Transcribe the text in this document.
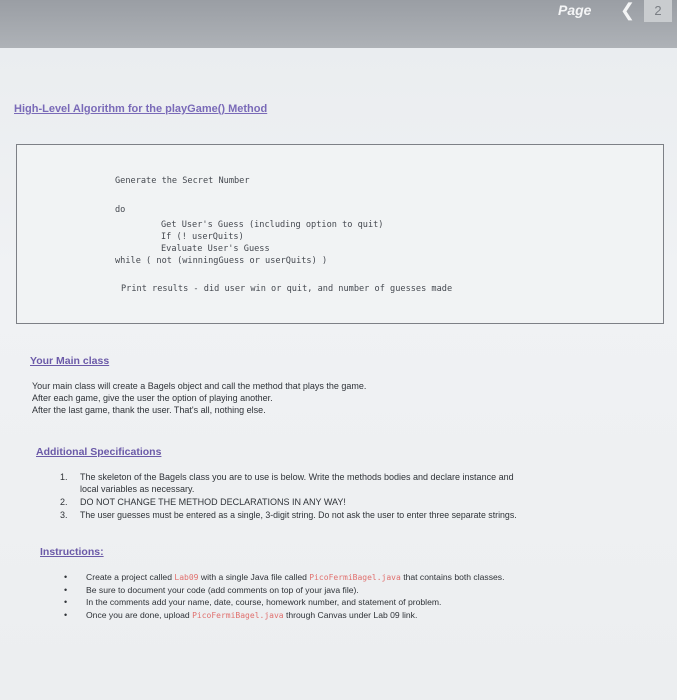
Page ❮	2
High-Level Algorithm for the playGame() Method
Generate the Secret Number
do
Get User's Guess (including option to quit)
If (! userQuits)
Evaluate User's Guess
while ( not (winningGuess or userQuits) )
Print results - did user win or quit, and number of guesses made
Your Main class
Your main class will create a Bagels object and call the method that plays the game.
After each game, give the user the option of playing another.
After the last game, thank the user. That's all, nothing else.
Additional Specifications
1. The skeleton of the Bagels class you are to use is below. Write the methods bodies and declare instance and
local variables as necessary.
2. DO NOT CHANGE THE METHOD DECLARATIONS IN ANY WAY!
3. The user guesses must be entered as a single, 3-digit string. Do not ask the user to enter three separate strings.
Instructions:
• Create a project called Lab09 with a single Java file called PicoFermiBagel.java that contains both classes.
• Be sure to document your code (add comments on top of your java file).
• In the comments add your name, date, course, homework number, and statement of problem.
• Once you are done, upload PicoFermiBagel.java through Canvas under Lab 09 link.
